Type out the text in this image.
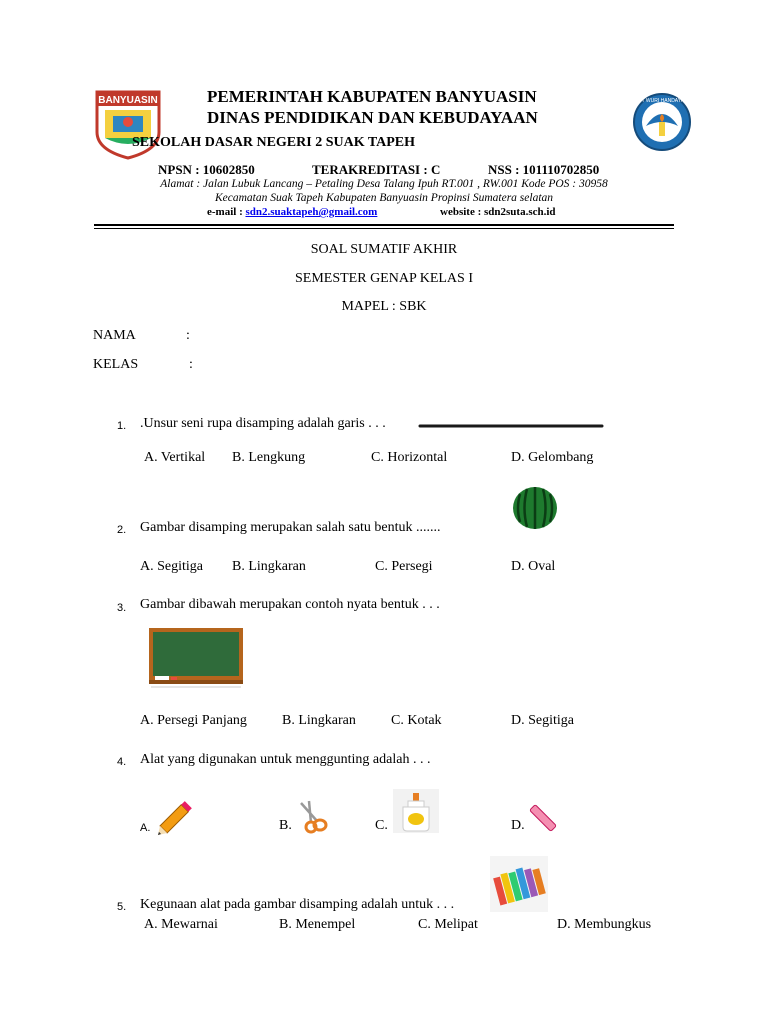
BANYUASIN	PEMERINTAH KABUPATEN BANYUASIN
DINAS PENDIDIKAN DAN KEBUDAYAAN
SEKOLAH DASAR NEGERI 2 SUAK TAPEH
TUT WURI HANDAYANI
NPSN : 10602850	TERAKREDITASI : C	NSS : 101110702850
Alamat : Jalan Lubuk Lancang – Petaling Desa Talang Ipuh RT.001 , RW.001 Kode POS : 30958
Kecamatan Suak Tapeh Kabupaten Banyuasin Propinsi Sumatera selatan
e-mail : sdn2.suaktapeh@gmail.com	website : sdn2suta.sch.id
SOAL SUMATIF AKHIR
SEMESTER GENAP KELAS I
MAPEL : SBK
NAMA	:
KELAS	:
1. .Unsur seni rupa disamping adalah garis . . .
A. Vertikal B. Lengkung	C. Horizontal	D. Gelombang
2. Gambar disamping merupakan salah satu bentuk .......
A. Segitiga B. Lingkaran	C. Persegi	D. Oval
3. Gambar dibawah merupakan contoh nyata bentuk . . .
A. Persegi Panjang	B. Lingkaran	C. Kotak	D. Segitiga
4. Alat yang digunakan untuk menggunting adalah . . .
A.	B.	C.	D.
5. Kegunaan alat pada gambar disamping adalah untuk . . .
A. Mewarnai	B. Menempel	C. Melipat	D. Membungkus
